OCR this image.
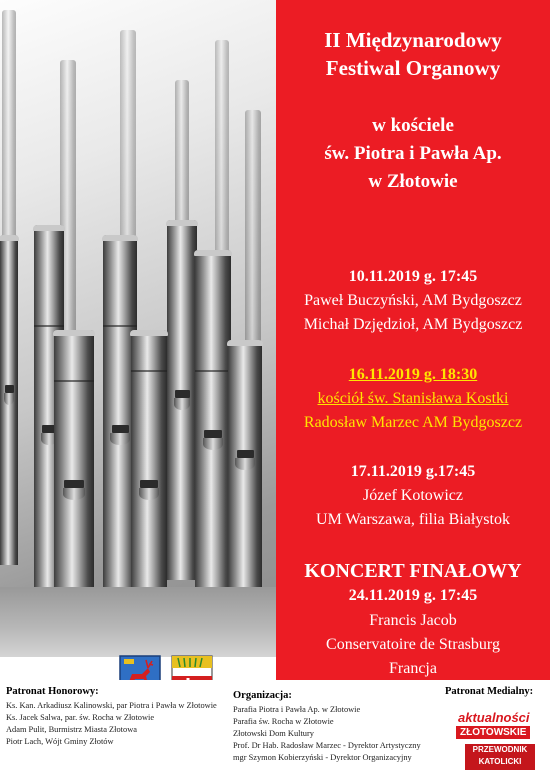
II Międzynarodowy
Festiwal Organowy
w kościele
św. Piotra i Pawła Ap.
w Złotowie
10.11.2019 g. 17:45
Paweł Buczyński, AM Bydgoszcz
Michał Dzjędzioł, AM Bydgoszcz
16.11.2019 g. 18:30
kościół św. Stanisława Kostki
Radosław Marzec AM Bydgoszcz
17.11.2019 g.17:45
Józef Kotowicz
UM Warszawa, filia Białystok
KONCERT FINAŁOWY
24.11.2019 g. 17:45
Francis Jacob
Conservatoire de Strasburg
Francja
Patronat Honorowy:
Ks. Kan. Arkadiusz Kalinowski, par Piotra i Pawła w Złotowie
Ks. Jacek Salwa, par. św. Rocha w Złotowie
Adam Pulit, Burmistrz Miasta Złotowa
Piotr Lach, Wójt Gminy Złotów
Organizacja:
Parafia Piotra i Pawła Ap. w Złotowie
Parafia św. Rocha w Złotowie
Złotowski Dom Kultury
Prof. Dr Hab. Radosław Marzec - Dyrektor Artystyczny
mgr Szymon Kobierzyński - Dyrektor Organizacyjny
Patronat Medialny:
aktualności
ZŁOTOWSKIE
PRZEWODNIK
KATOLICKI
